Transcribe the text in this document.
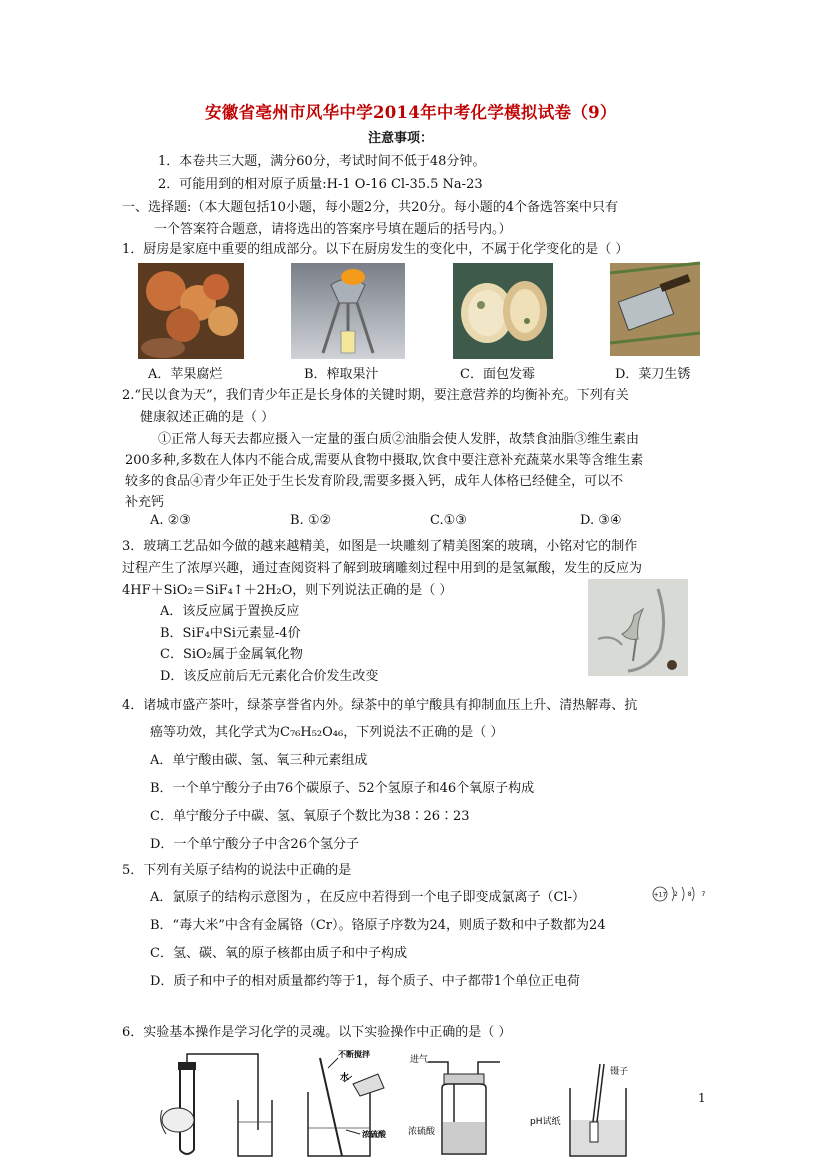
安徽省亳州市风华中学2014年中考化学模拟试卷（9）
注意事项：
1．本卷共三大题，满分60分，考试时间不低于48分钟。
2．可能用到的相对原子质量:H-1 O-16 Cl-35.5 Na-23
一、选择题:（本大题包括10小题，每小题2分，共20分。每小题的4个备选答案中只有
一个答案符合题意，请将选出的答案序号填在题后的括号内。）
1．厨房是家庭中重要的组成部分。以下在厨房发生的变化中，不属于化学变化的是（ ）
A．苹果腐烂	B．榨取果汁	C．面包发霉	D．菜刀生锈
2.“民以食为天”，我们青少年正是长身体的关键时期，要注意营养的均衡补充。下列有关
健康叙述正确的是（ ）
①正常人每天去都应摄入一定量的蛋白质②油脂会使人发胖，故禁食油脂③维生素由
200多种,多数在人体内不能合成,需要从食物中摄取,饮食中要注意补充蔬菜水果等含维生素
较多的食品④青少年正处于生长发育阶段,需要多摄入钙，成年人体格已经健全，可以不
补充钙
A. ②③	B. ①②	C.①③	D. ③④
3．玻璃工艺品如今做的越来越精美，如图是一块雕刻了精美图案的玻璃，小铭对它的制作
过程产生了浓厚兴趣，通过查阅资料了解到玻璃雕刻过程中用到的是氢氟酸，发生的反应为
4HF＋SiO₂＝SiF₄↑＋2H₂O，则下列说法正确的是（ ）
A．该反应属于置换反应
B．SiF₄中Si元素显-4价
C．SiO₂属于金属氧化物
D．该反应前后无元素化合价发生改变
4．诸城市盛产茶叶，绿茶享誉省内外。绿茶中的单宁酸具有抑制血压上升、清热解毒、抗
癌等功效，其化学式为C₇₆H₅₂O₄₆，下列说法不正确的是（ ）
A．单宁酸由碳、氢、氧三种元素组成
B．一个单宁酸分子由76个碳原子、52个氢原子和46个氧原子构成
C．单宁酸分子中碳、氢、氧原子个数比为38∶26∶23
D．一个单宁酸分子中含26个氢分子
5．下列有关原子结构的说法中正确的是
A．氯原子的结构示意图为 ，在反应中若得到一个电子即变成氯离子（Cl-）
B．“毒大米”中含有金属铬（Cr）。铬原子序数为24，则质子数和中子数都为24
C．氢、碳、氧的原子核都由质子和中子构成
D．质子和中子的相对质量都约等于1，每个质子、中子都带1个单位正电荷
+17 2 8 7
6．实验基本操作是学习化学的灵魂。以下实验操作中正确的是（ ）
不断搅拌
水
浓硫酸
进气
浓硫酸
镊子
pH试纸
1
